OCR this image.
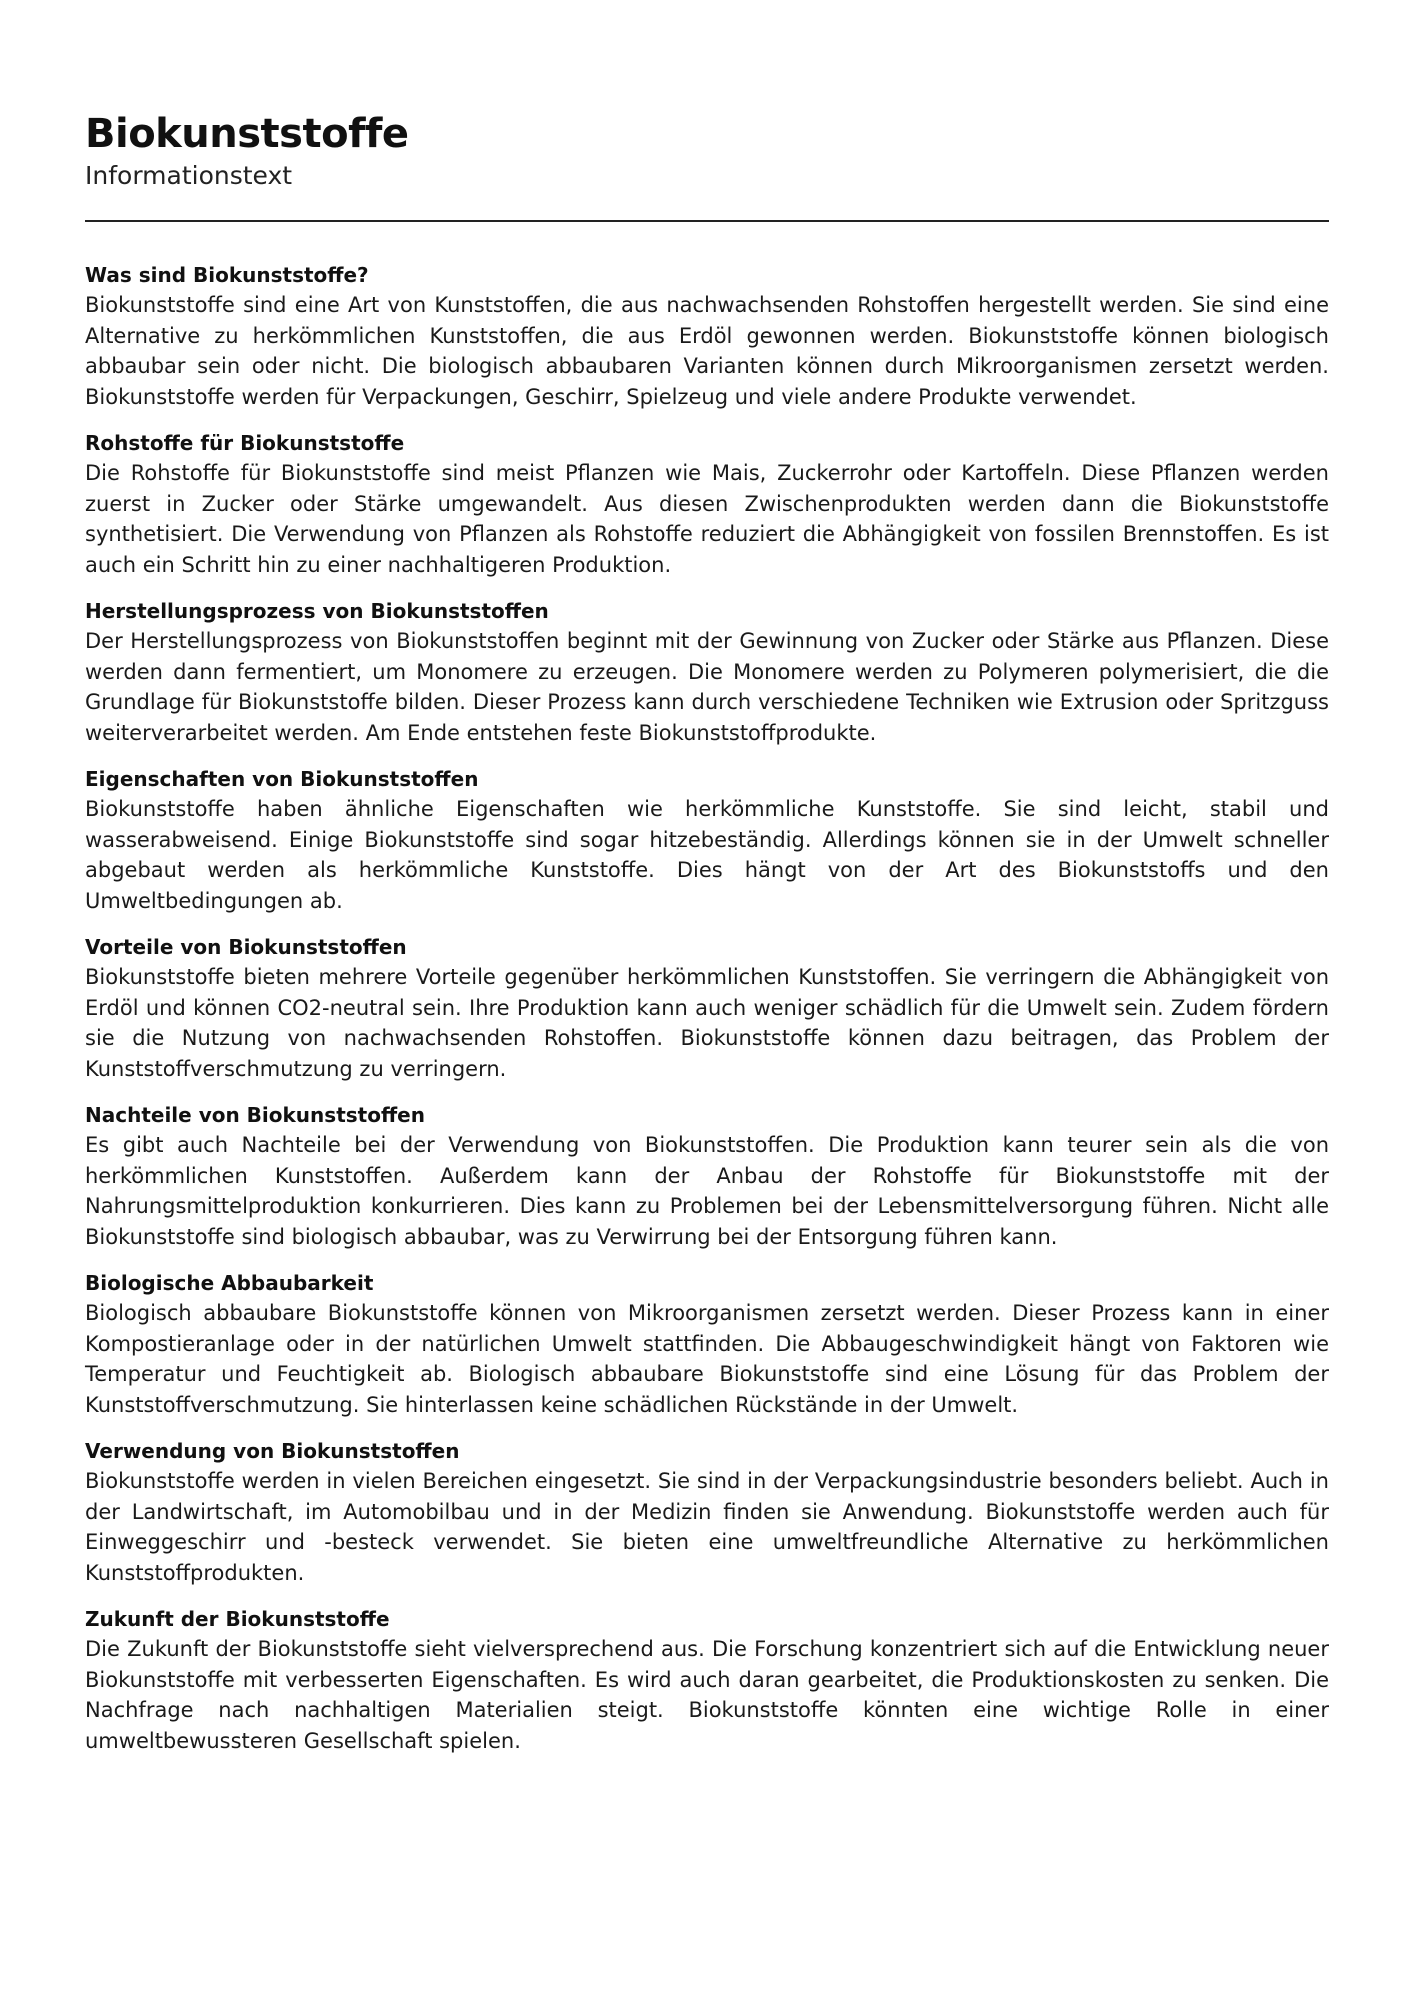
Biokunststoffe
Informationstext
Was sind Biokunststoffe?

Biokunststoffe sind eine Art von Kunststoffen, die aus nachwachsenden Rohstoffen hergestellt werden. Sie sind eine Alternative zu herkömmlichen Kunststoffen, die aus Erdöl gewonnen werden. Biokunststoffe können biologisch abbaubar sein oder nicht. Die biologisch abbaubaren Varianten können durch Mikroorganismen zersetzt werden. Biokunststoffe werden für Verpackungen, Geschirr, Spielzeug und viele andere Produkte verwendet.

Rohstoffe für Biokunststoffe

Die Rohstoffe für Biokunststoffe sind meist Pflanzen wie Mais, Zuckerrohr oder Kartoffeln. Diese Pflanzen werden zuerst in Zucker oder Stärke umgewandelt. Aus diesen Zwischenprodukten werden dann die Biokunststoffe synthetisiert. Die Verwendung von Pflanzen als Rohstoffe reduziert die Abhängigkeit von fossilen Brennstoffen. Es ist auch ein Schritt hin zu einer nachhaltigeren Produktion.

Herstellungsprozess von Biokunststoffen

Der Herstellungsprozess von Biokunststoffen beginnt mit der Gewinnung von Zucker oder Stärke aus Pflanzen. Diese werden dann fermentiert, um Monomere zu erzeugen. Die Monomere werden zu Polymeren polymerisiert, die die Grundlage für Biokunststoffe bilden. Dieser Prozess kann durch verschiedene Techniken wie Extrusion oder Spritzguss weiterverarbeitet werden. Am Ende entstehen feste Biokunststoffprodukte.

Eigenschaften von Biokunststoffen

Biokunststoffe haben ähnliche Eigenschaften wie herkömmliche Kunststoffe. Sie sind leicht, stabil und wasserabweisend. Einige Biokunststoffe sind sogar hitzebeständig. Allerdings können sie in der Umwelt schneller abgebaut werden als herkömmliche Kunststoffe. Dies hängt von der Art des Biokunststoffs und den Umweltbedingungen ab.

Vorteile von Biokunststoffen

Biokunststoffe bieten mehrere Vorteile gegenüber herkömmlichen Kunststoffen. Sie verringern die Abhängigkeit von Erdöl und können CO2-neutral sein. Ihre Produktion kann auch weniger schädlich für die Umwelt sein. Zudem fördern sie die Nutzung von nachwachsenden Rohstoffen. Biokunststoffe können dazu beitragen, das Problem der Kunststoffverschmutzung zu verringern.

Nachteile von Biokunststoffen

Es gibt auch Nachteile bei der Verwendung von Biokunststoffen. Die Produktion kann teurer sein als die von herkömmlichen Kunststoffen. Außerdem kann der Anbau der Rohstoffe für Biokunststoffe mit der Nahrungsmittelproduktion konkurrieren. Dies kann zu Problemen bei der Lebensmittelversorgung führen. Nicht alle Biokunststoffe sind biologisch abbaubar, was zu Verwirrung bei der Entsorgung führen kann.

Biologische Abbaubarkeit

Biologisch abbaubare Biokunststoffe können von Mikroorganismen zersetzt werden. Dieser Prozess kann in einer Kompostieranlage oder in der natürlichen Umwelt stattfinden. Die Abbaugeschwindigkeit hängt von Faktoren wie Temperatur und Feuchtigkeit ab. Biologisch abbaubare Biokunststoffe sind eine Lösung für das Problem der Kunststoffverschmutzung. Sie hinterlassen keine schädlichen Rückstände in der Umwelt.

Verwendung von Biokunststoffen

Biokunststoffe werden in vielen Bereichen eingesetzt. Sie sind in der Verpackungsindustrie besonders beliebt. Auch in der Landwirtschaft, im Automobilbau und in der Medizin finden sie Anwendung. Biokunststoffe werden auch für Einweggeschirr und -besteck verwendet. Sie bieten eine umweltfreundliche Alternative zu herkömmlichen Kunststoffprodukten.

Zukunft der Biokunststoffe

Die Zukunft der Biokunststoffe sieht vielversprechend aus. Die Forschung konzentriert sich auf die Entwicklung neuer Biokunststoffe mit verbesserten Eigenschaften. Es wird auch daran gearbeitet, die Produktionskosten zu senken. Die Nachfrage nach nachhaltigen Materialien steigt. Biokunststoffe könnten eine wichtige Rolle in einer umweltbewussteren Gesellschaft spielen.
